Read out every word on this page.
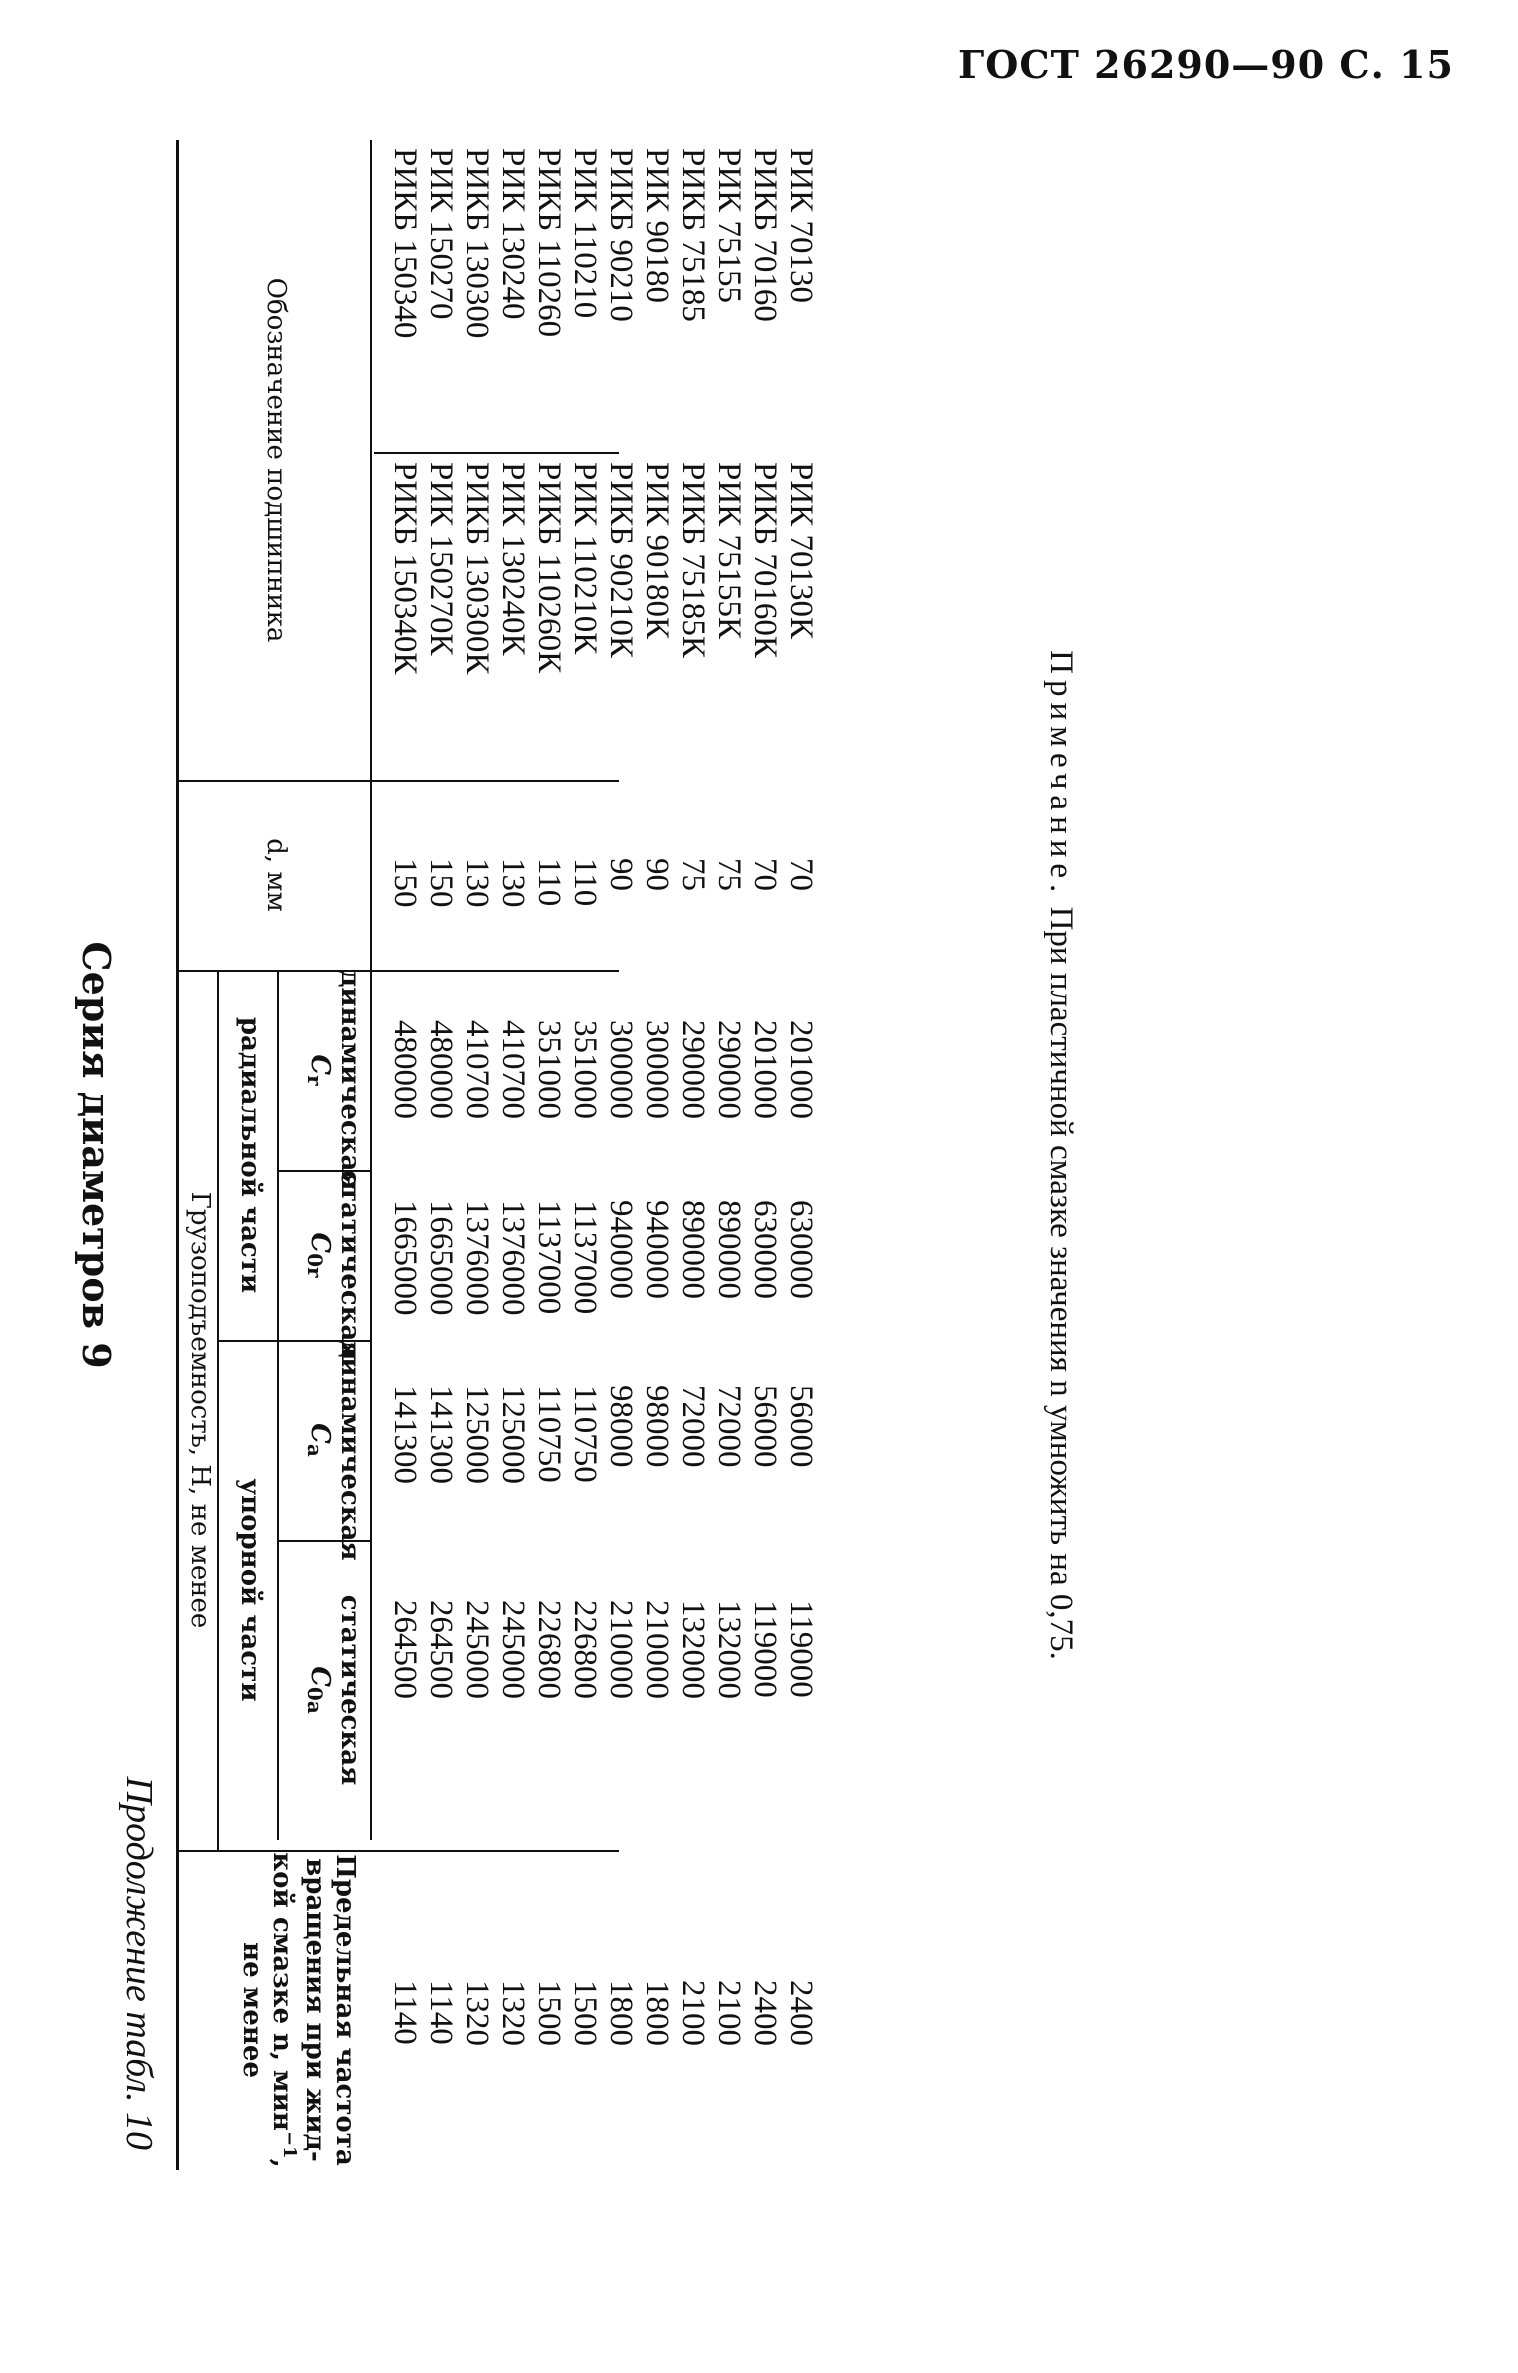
ГОСТ 26290—90 С. 15
Серия диаметров 9
Продолжение табл. 10
Обозначение подшипника
d, мм
Грузоподъемность, Н, не менее
радиальной части
упорной части
динамическая
$C_r$
статическая
$C_{0r}$
динамическая
$C_a$
статическая
$C_{0a}$
Предельная частота
вращения при жид-
кой смазке n, мин$^{-1}$,
не менее
РИК 70130
РИКБ 70160
РИК 75155
РИКБ 75185
РИК 90180
РИКБ 90210
РИК 110210
РИКБ 110260
РИК 130240
РИКБ 130300
РИК 150270
РИКБ 150340
РИК 70130К
РИКБ 70160К
РИК 75155К
РИКБ 75185К
РИК 90180К
РИКБ 90210К
РИК 110210К
РИКБ 110260К
РИК 130240К
РИКБ 130300К
РИК 150270К
РИКБ 150340К
70
70
75
75
90
90
110
110
130
130
150
150
201000
201000
290000
290000
300000
300000
351000
351000
410700
410700
480000
480000
630000
630000
890000
890000
940000
940000
1137000
1137000
1376000
1376000
1665000
1665000
56000
56000
72000
72000
98000
98000
110750
110750
125000
125000
141300
141300
119000
119000
132000
132000
210000
210000
226800
226800
245000
245000
264500
264500
2400
2400
2100
2100
1800
1800
1500
1500
1320
1320
1140
1140
Примечание. При пластичной смазке значения n умножить на 0,75.
